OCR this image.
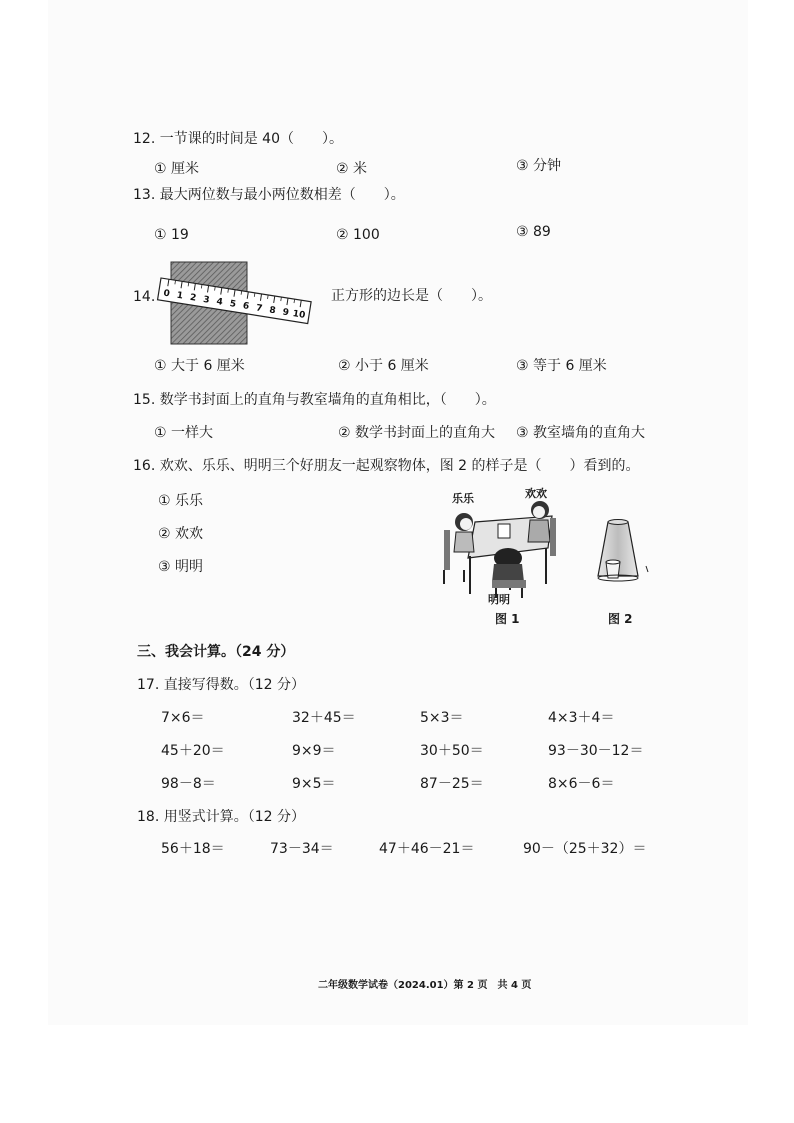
12. 一节课的时间是 40（　　）。
① 厘米	② 米	③ 分钟
13. 最大两位数与最小两位数相差（　　）。
① 19	② 100	③ 89
14. 0 1 2 3 4 5 6 7 8 9 10
正方形的边长是（　　）。
① 大于 6 厘米	② 小于 6 厘米	③ 等于 6 厘米
15. 数学书封面上的直角与教室墙角的直角相比，（　　）。
① 一样大	② 数学书封面上的直角大 ③ 教室墙角的直角大
16. 欢欢、乐乐、明明三个好朋友一起观察物体，图 2 的样子是（　　）看到的。
① 乐乐
② 欢欢
③ 明明
乐乐	欢欢
明明
图 1	图 2
三、我会计算。（24 分）
17. 直接写得数。（12 分）
7×6＝	32＋45＝	5×3＝	4×3＋4＝
45＋20＝	9×9＝	30＋50＝	93－30－12＝
98－8＝	9×5＝	87－25＝	8×6－6＝
18. 用竖式计算。（12 分）
56＋18＝	73－34＝	47＋46－21＝	90－（25＋32）＝
二年级数学试卷（2024.01）第 2 页　共 4 页
